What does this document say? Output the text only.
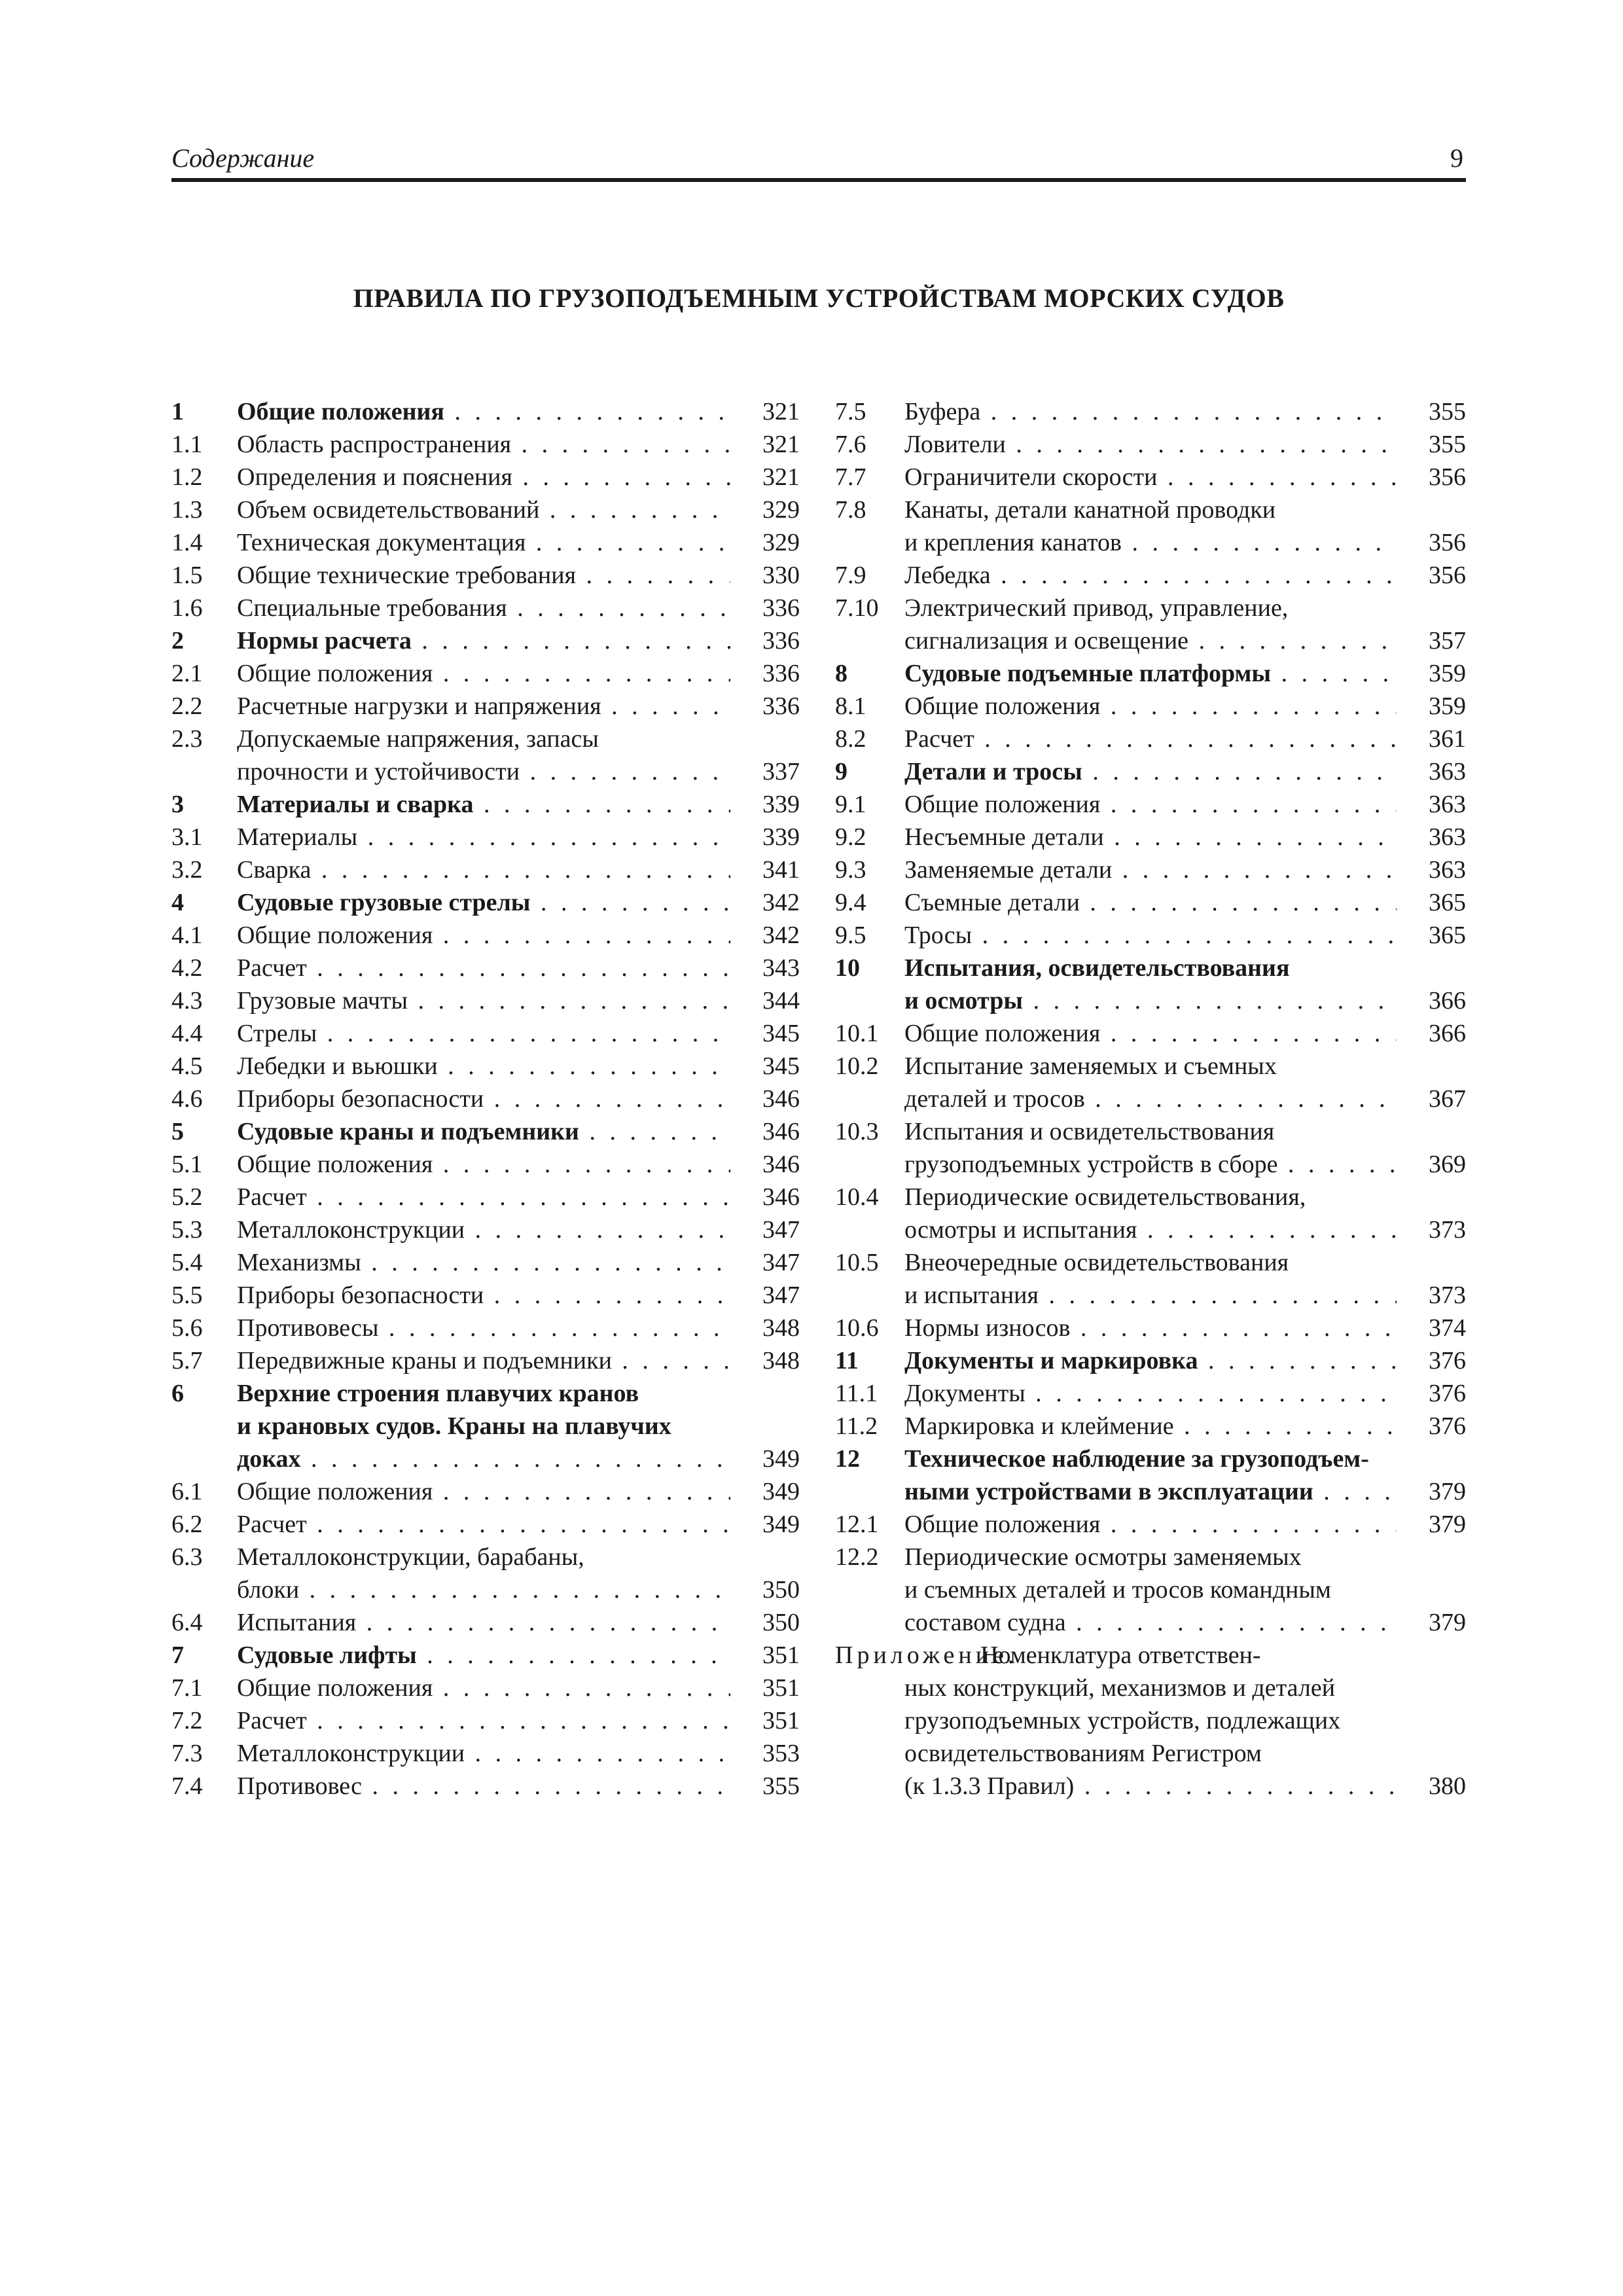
Содержание	9
ПРАВИЛА ПО ГРУЗОПОДЪЕМНЫМ УСТРОЙСТВАМ МОРСКИХ СУДОВ
1 Общие положения . . .	321
1.1 Область распространения . . .	321
1.2 Определения и пояснения . . .	321
1.3 Объем освидетельствований . . .	329
1.4 Техническая документация . . .	329
1.5 Общие технические требования . . .	330
1.6 Специальные требования . . .	336
2 Нормы расчета . . .	336
2.1 Общие положения . . .	336
2.2 Расчетные нагрузки и напряжения . . .	336
2.3 Допускаемые напряжения, запасы
прочности и устойчивости . . .	337
3 Материалы и сварка . . .	339
3.1 Материалы . . .	339
3.2 Сварка . . .	341
4 Судовые грузовые стрелы . . .	342
4.1 Общие положения . . .	342
4.2 Расчет . . .	343
4.3 Грузовые мачты . . .	344
4.4 Стрелы . . .	345
4.5 Лебедки и вьюшки . . .	345
4.6 Приборы безопасности . . .	346
5 Судовые краны и подъемники . . .	346
5.1 Общие положения . . .	346
5.2 Расчет . . .	346
5.3 Металлоконструкции . . .	347
5.4 Механизмы . . .	347
5.5 Приборы безопасности . . .	347
5.6 Противовесы . . .	348
5.7 Передвижные краны и подъемники . . .	348
6 Верхние строения плавучих кранов
и крановых судов. Краны на плавучих
доках . . .	349
6.1 Общие положения . . .	349
6.2 Расчет . . .	349
6.3 Металлоконструкции, барабаны,
блоки . . .	350
6.4 Испытания . . .	350
7 Судовые лифты . . .	351
7.1 Общие положения . . .	351
7.2 Расчет . . .	351
7.3 Металлоконструкции . . .	353
7.4 Противовес . . .	355
7.5 Буфера . . .	355
7.6 Ловители . . .	355
7.7 Ограничители скорости . . .	356
7.8 Канаты, детали канатной проводки
и крепления канатов . . .	356
7.9 Лебедка . . .	356
7.10 Электрический привод, управление,
сигнализация и освещение . . .	357
8 Судовые подъемные платформы . . .	359
8.1 Общие положения . . .	359
8.2 Расчет . . .	361
9 Детали и тросы . . .	363
9.1 Общие положения . . .	363
9.2 Несъемные детали . . .	363
9.3 Заменяемые детали . . .	363
9.4 Съемные детали . . .	365
9.5 Тросы . . .	365
10 Испытания, освидетельствования
и осмотры . . .	366
10.1 Общие положения . . .	366
10.2 Испытание заменяемых и съемных
деталей и тросов . . .	367
10.3 Испытания и освидетельствования
грузоподъемных устройств в сборе . . .	369
10.4 Периодические освидетельствования,
осмотры и испытания . . .	373
10.5 Внеочередные освидетельствования
и испытания . . .	373
10.6 Нормы износов . . .	374
11 Документы и маркировка . . .	376
11.1 Документы . . .	376
11.2 Маркировка и клеймение . . .	376
12 Техническое наблюдение за грузоподъем-
ными устройствами в эксплуатации . . .	379
12.1 Общие положения . . .	379
12.2 Периодические осмотры заменяемых
и съемных деталей и тросов командным
составом судна . . .	379
Приложение.
Номенклатура ответствен-
ных конструкций, механизмов и деталей
грузоподъемных устройств, подлежащих
освидетельствованиям Регистром
(к 1.3.3 Правил) . . .	380
